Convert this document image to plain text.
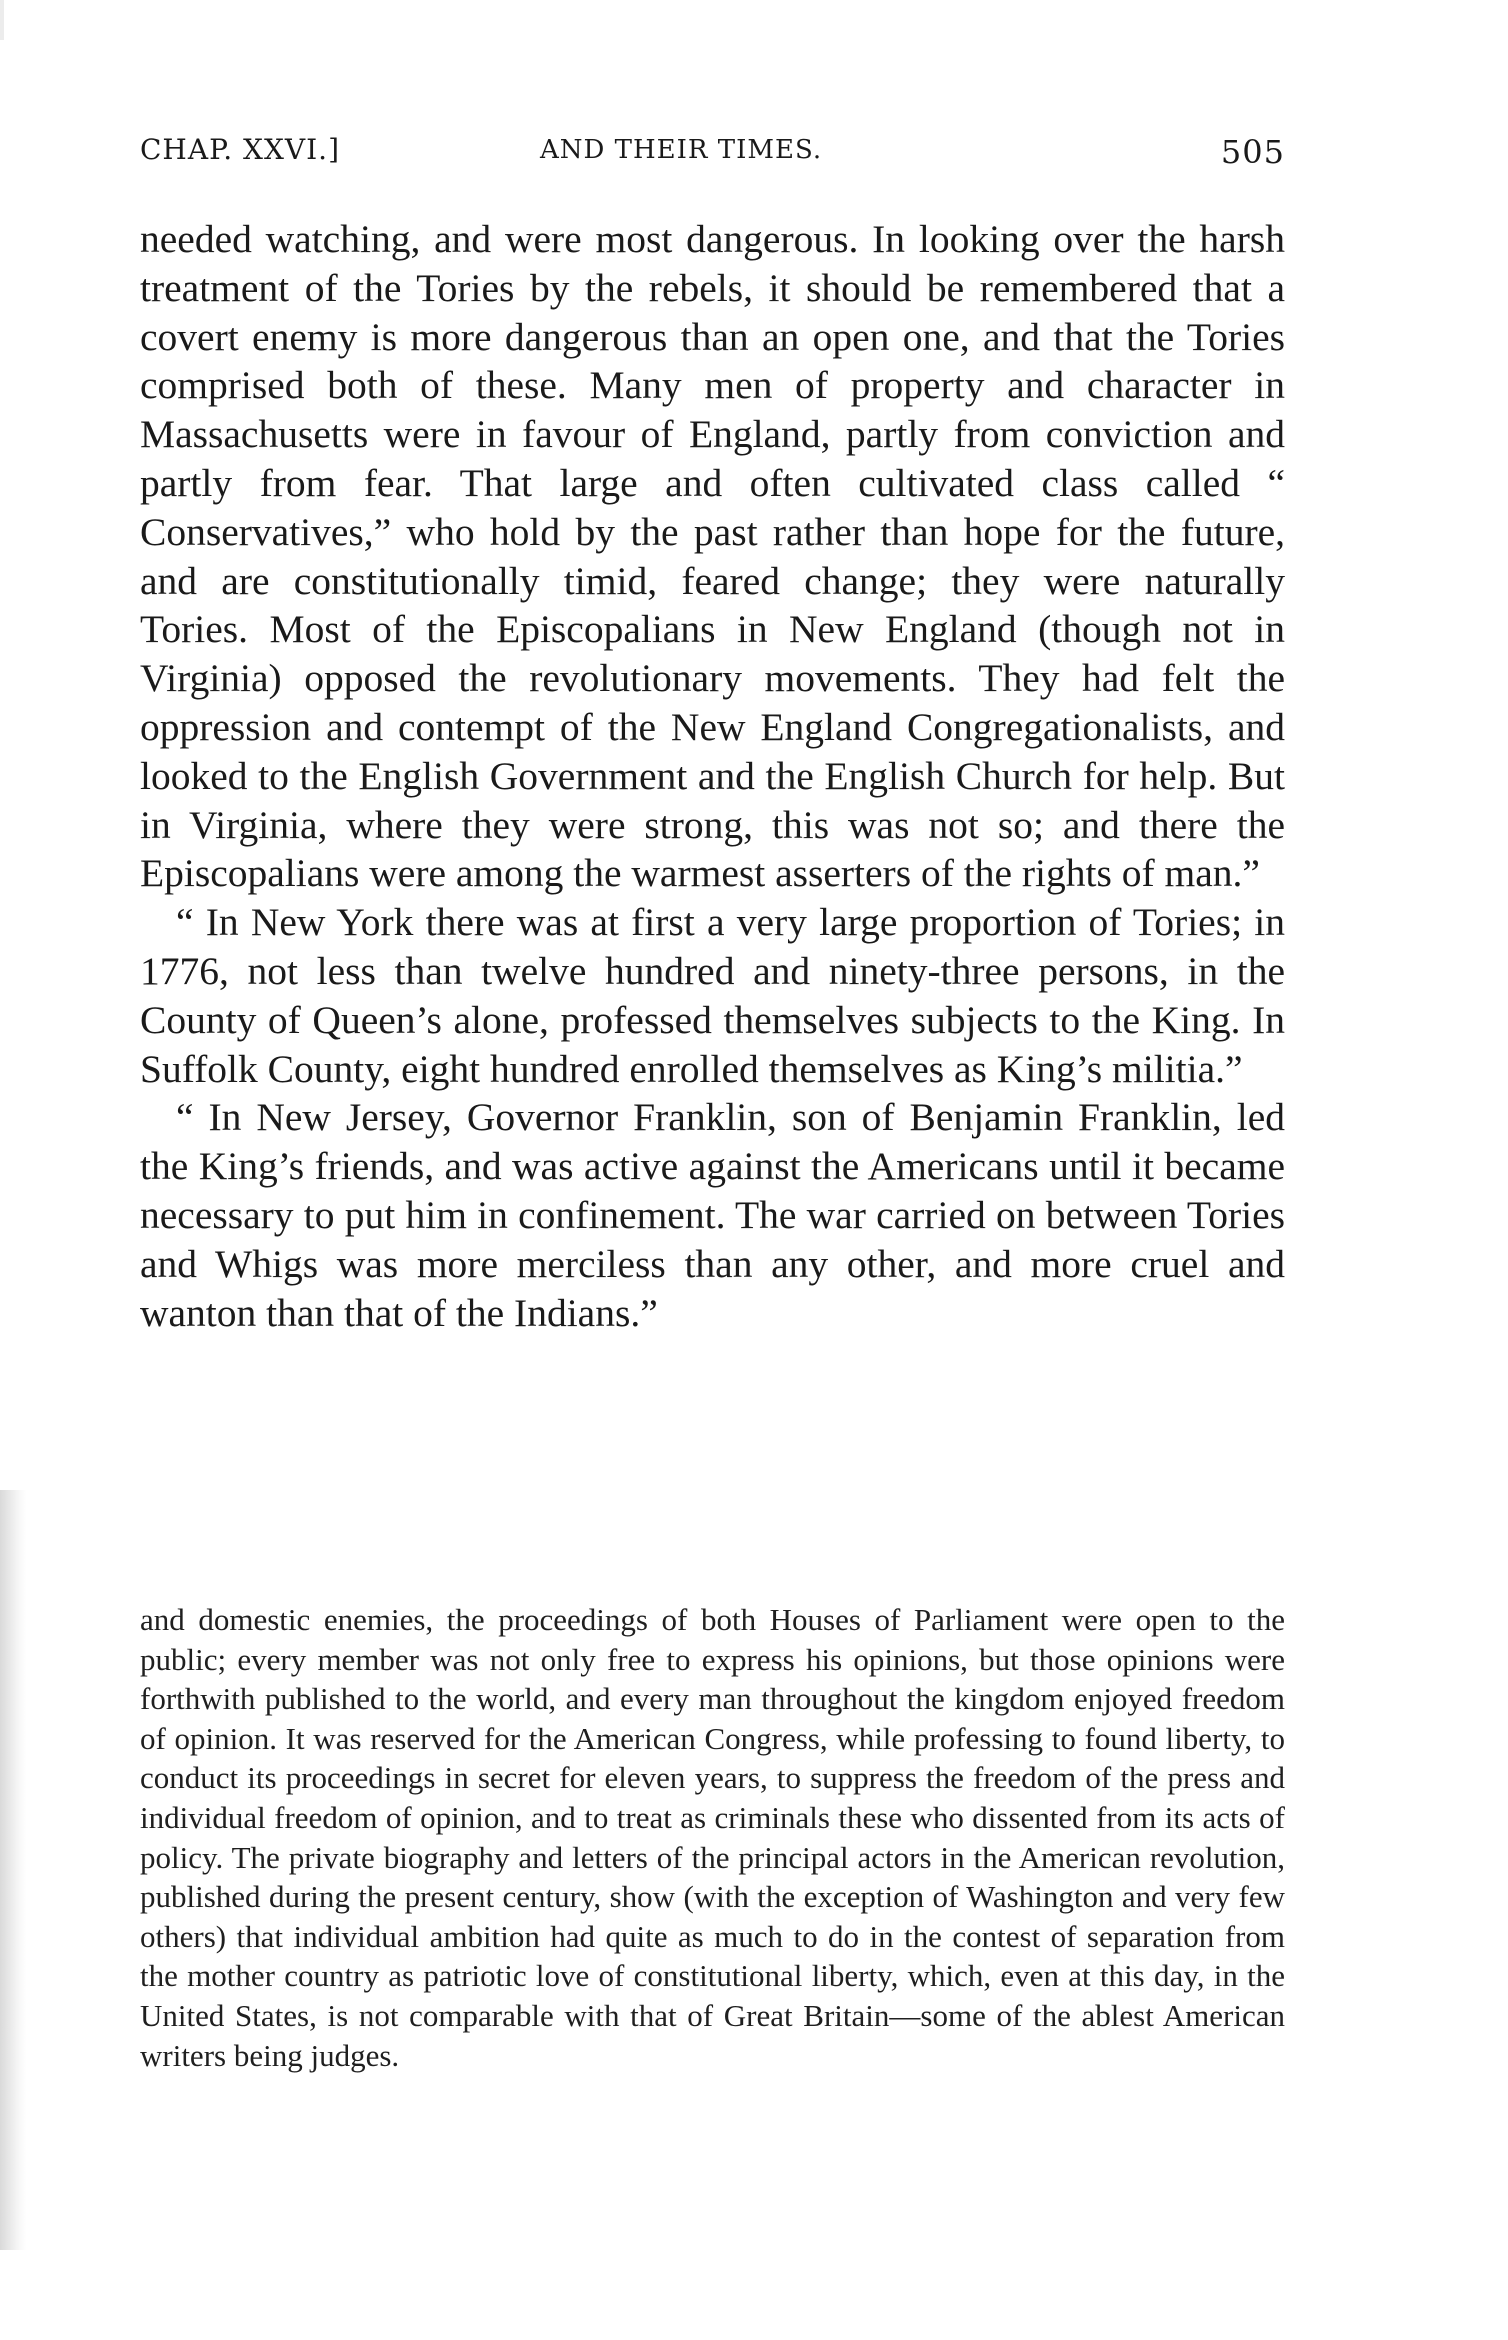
CHAP. XXVI.]	AND THEIR TIMES.	505

needed watching, and were most dangerous. In looking over the harsh treatment of the Tories by the rebels, it should be remembered that a covert enemy is more dangerous than an open one, and that the Tories comprised both of these. Many men of property and character in Massachusetts were in favour of England, partly from conviction and partly from fear. That large and often cultivated class called “ Conservatives,” who hold by the past rather than hope for the future, and are constitutionally timid, feared change; they were naturally Tories. Most of the Episcopalians in New England (though not in Virginia) opposed the revolutionary movements. They had felt the oppression and contempt of the New England Congregationalists, and looked to the English Government and the English Church for help. But in Virginia, where they were strong, this was not so; and there the Episcopalians were among the warmest asserters of the rights of man.”

“ In New York there was at first a very large proportion of Tories; in 1776, not less than twelve hundred and ninety-three persons, in the County of Queen’s alone, professed themselves subjects to the King. In Suffolk County, eight hundred enrolled themselves as King’s militia.”

“ In New Jersey, Governor Franklin, son of Benjamin Franklin, led the King’s friends, and was active against the Americans until it became necessary to put him in confinement. The war carried on between Tories and Whigs was more merciless than any other, and more cruel and wanton than that of the Indians.”

and domestic enemies, the proceedings of both Houses of Parliament were open to the public; every member was not only free to express his opinions, but those opinions were forthwith published to the world, and every man throughout the kingdom enjoyed freedom of opinion. It was reserved for the American Congress, while professing to found liberty, to conduct its proceedings in secret for eleven years, to suppress the freedom of the press and individual freedom of opinion, and to treat as criminals these who dissented from its acts of policy. The private biography and letters of the principal actors in the American revolution, published during the present century, show (with the exception of Washington and very few others) that individual ambition had quite as much to do in the contest of separation from the mother country as patriotic love of constitutional liberty, which, even at this day, in the United States, is not comparable with that of Great Britain—some of the ablest American writers being judges.
